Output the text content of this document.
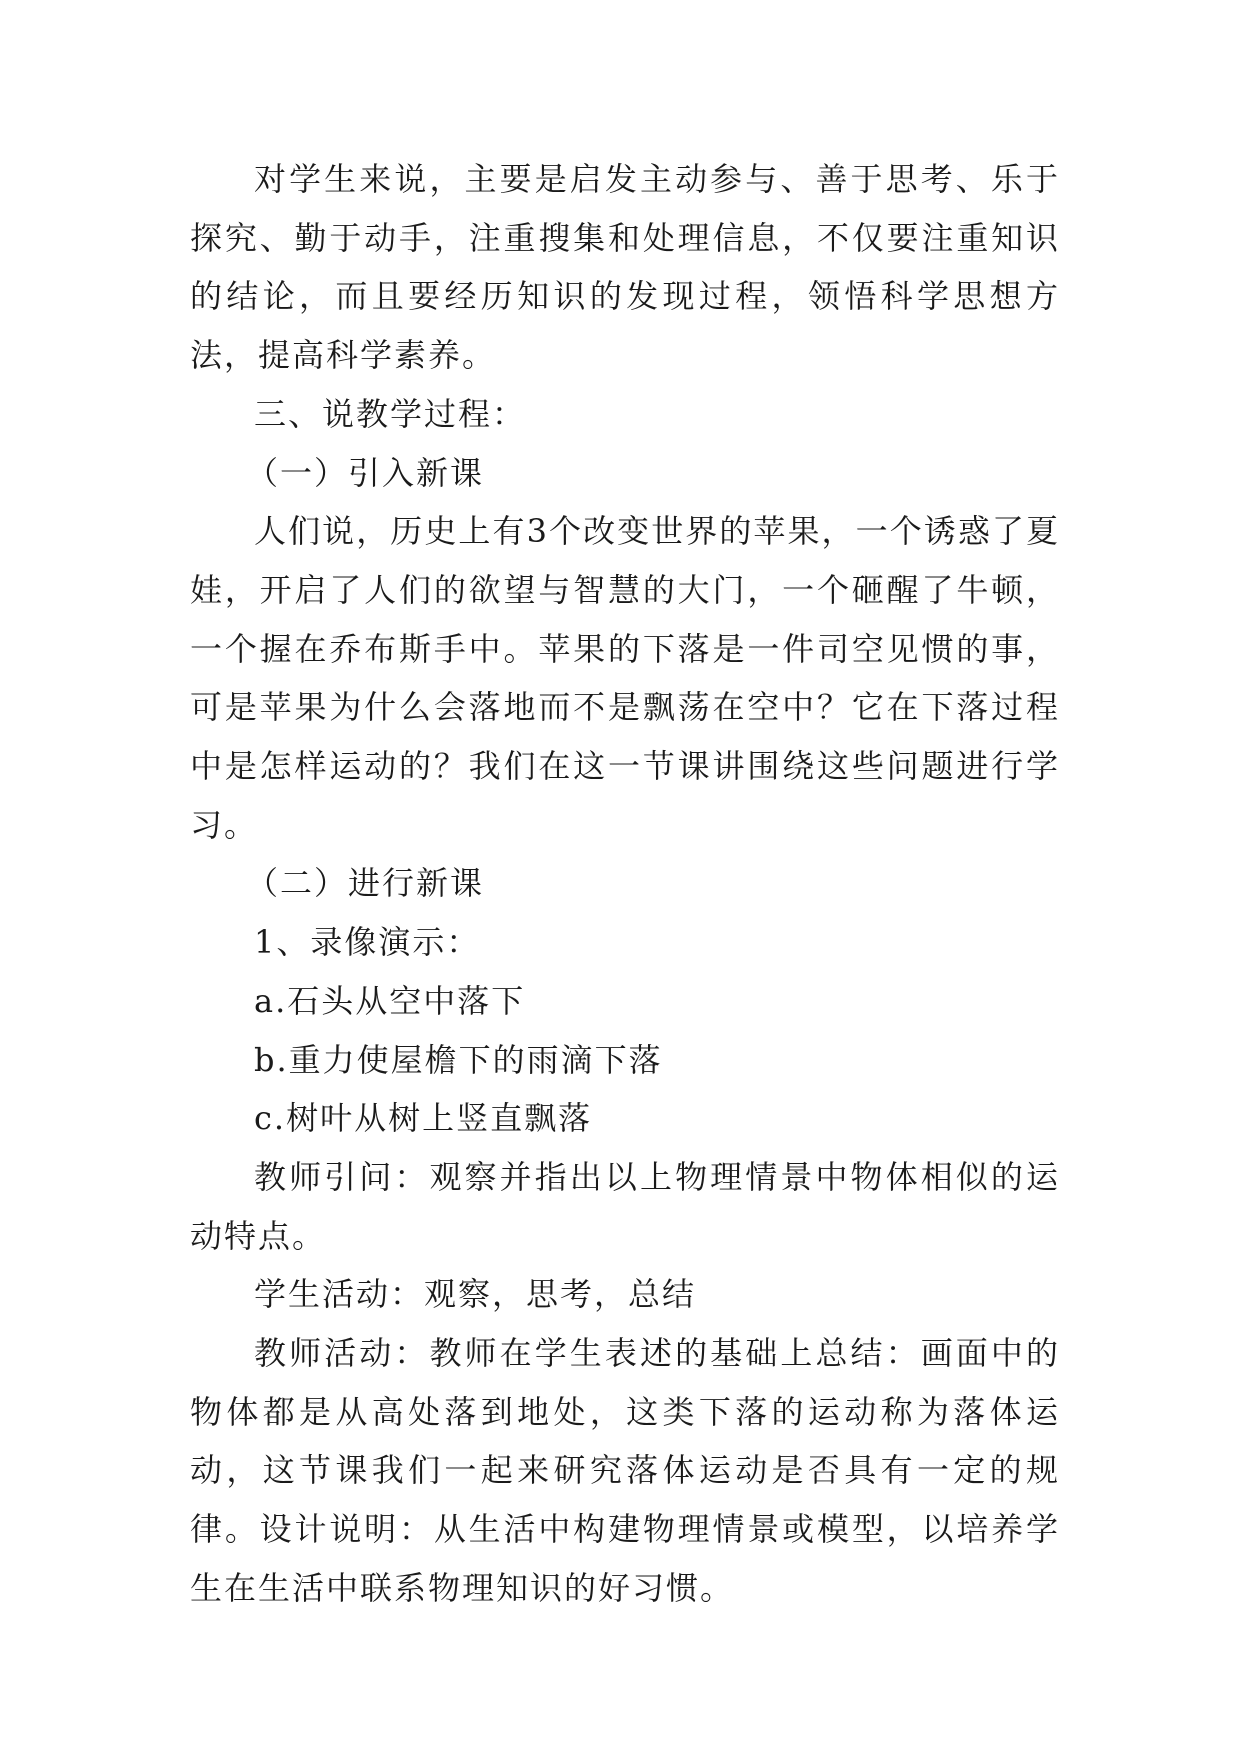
对学生来说，主要是启发主动参与、善于思考、乐于探究、勤于动手，注重搜集和处理信息，不仅要注重知识的结论，而且要经历知识的发现过程，领悟科学思想方法，提高科学素养。

三、说教学过程：

（一）引入新课

人们说，历史上有3个改变世界的苹果，一个诱惑了夏娃，开启了人们的欲望与智慧的大门，一个砸醒了牛顿，一个握在乔布斯手中。苹果的下落是一件司空见惯的事，可是苹果为什么会落地而不是飘荡在空中？它在下落过程中是怎样运动的？我们在这一节课讲围绕这些问题进行学习。

（二）进行新课

1、录像演示：

a.石头从空中落下

b.重力使屋檐下的雨滴下落

c.树叶从树上竖直飘落

教师引问：观察并指出以上物理情景中物体相似的运动特点。

学生活动：观察，思考，总结

教师活动：教师在学生表述的基础上总结：画面中的物体都是从高处落到地处，这类下落的运动称为落体运动，这节课我们一起来研究落体运动是否具有一定的规律。设计说明：从生活中构建物理情景或模型，以培养学生在生活中联系物理知识的好习惯。
